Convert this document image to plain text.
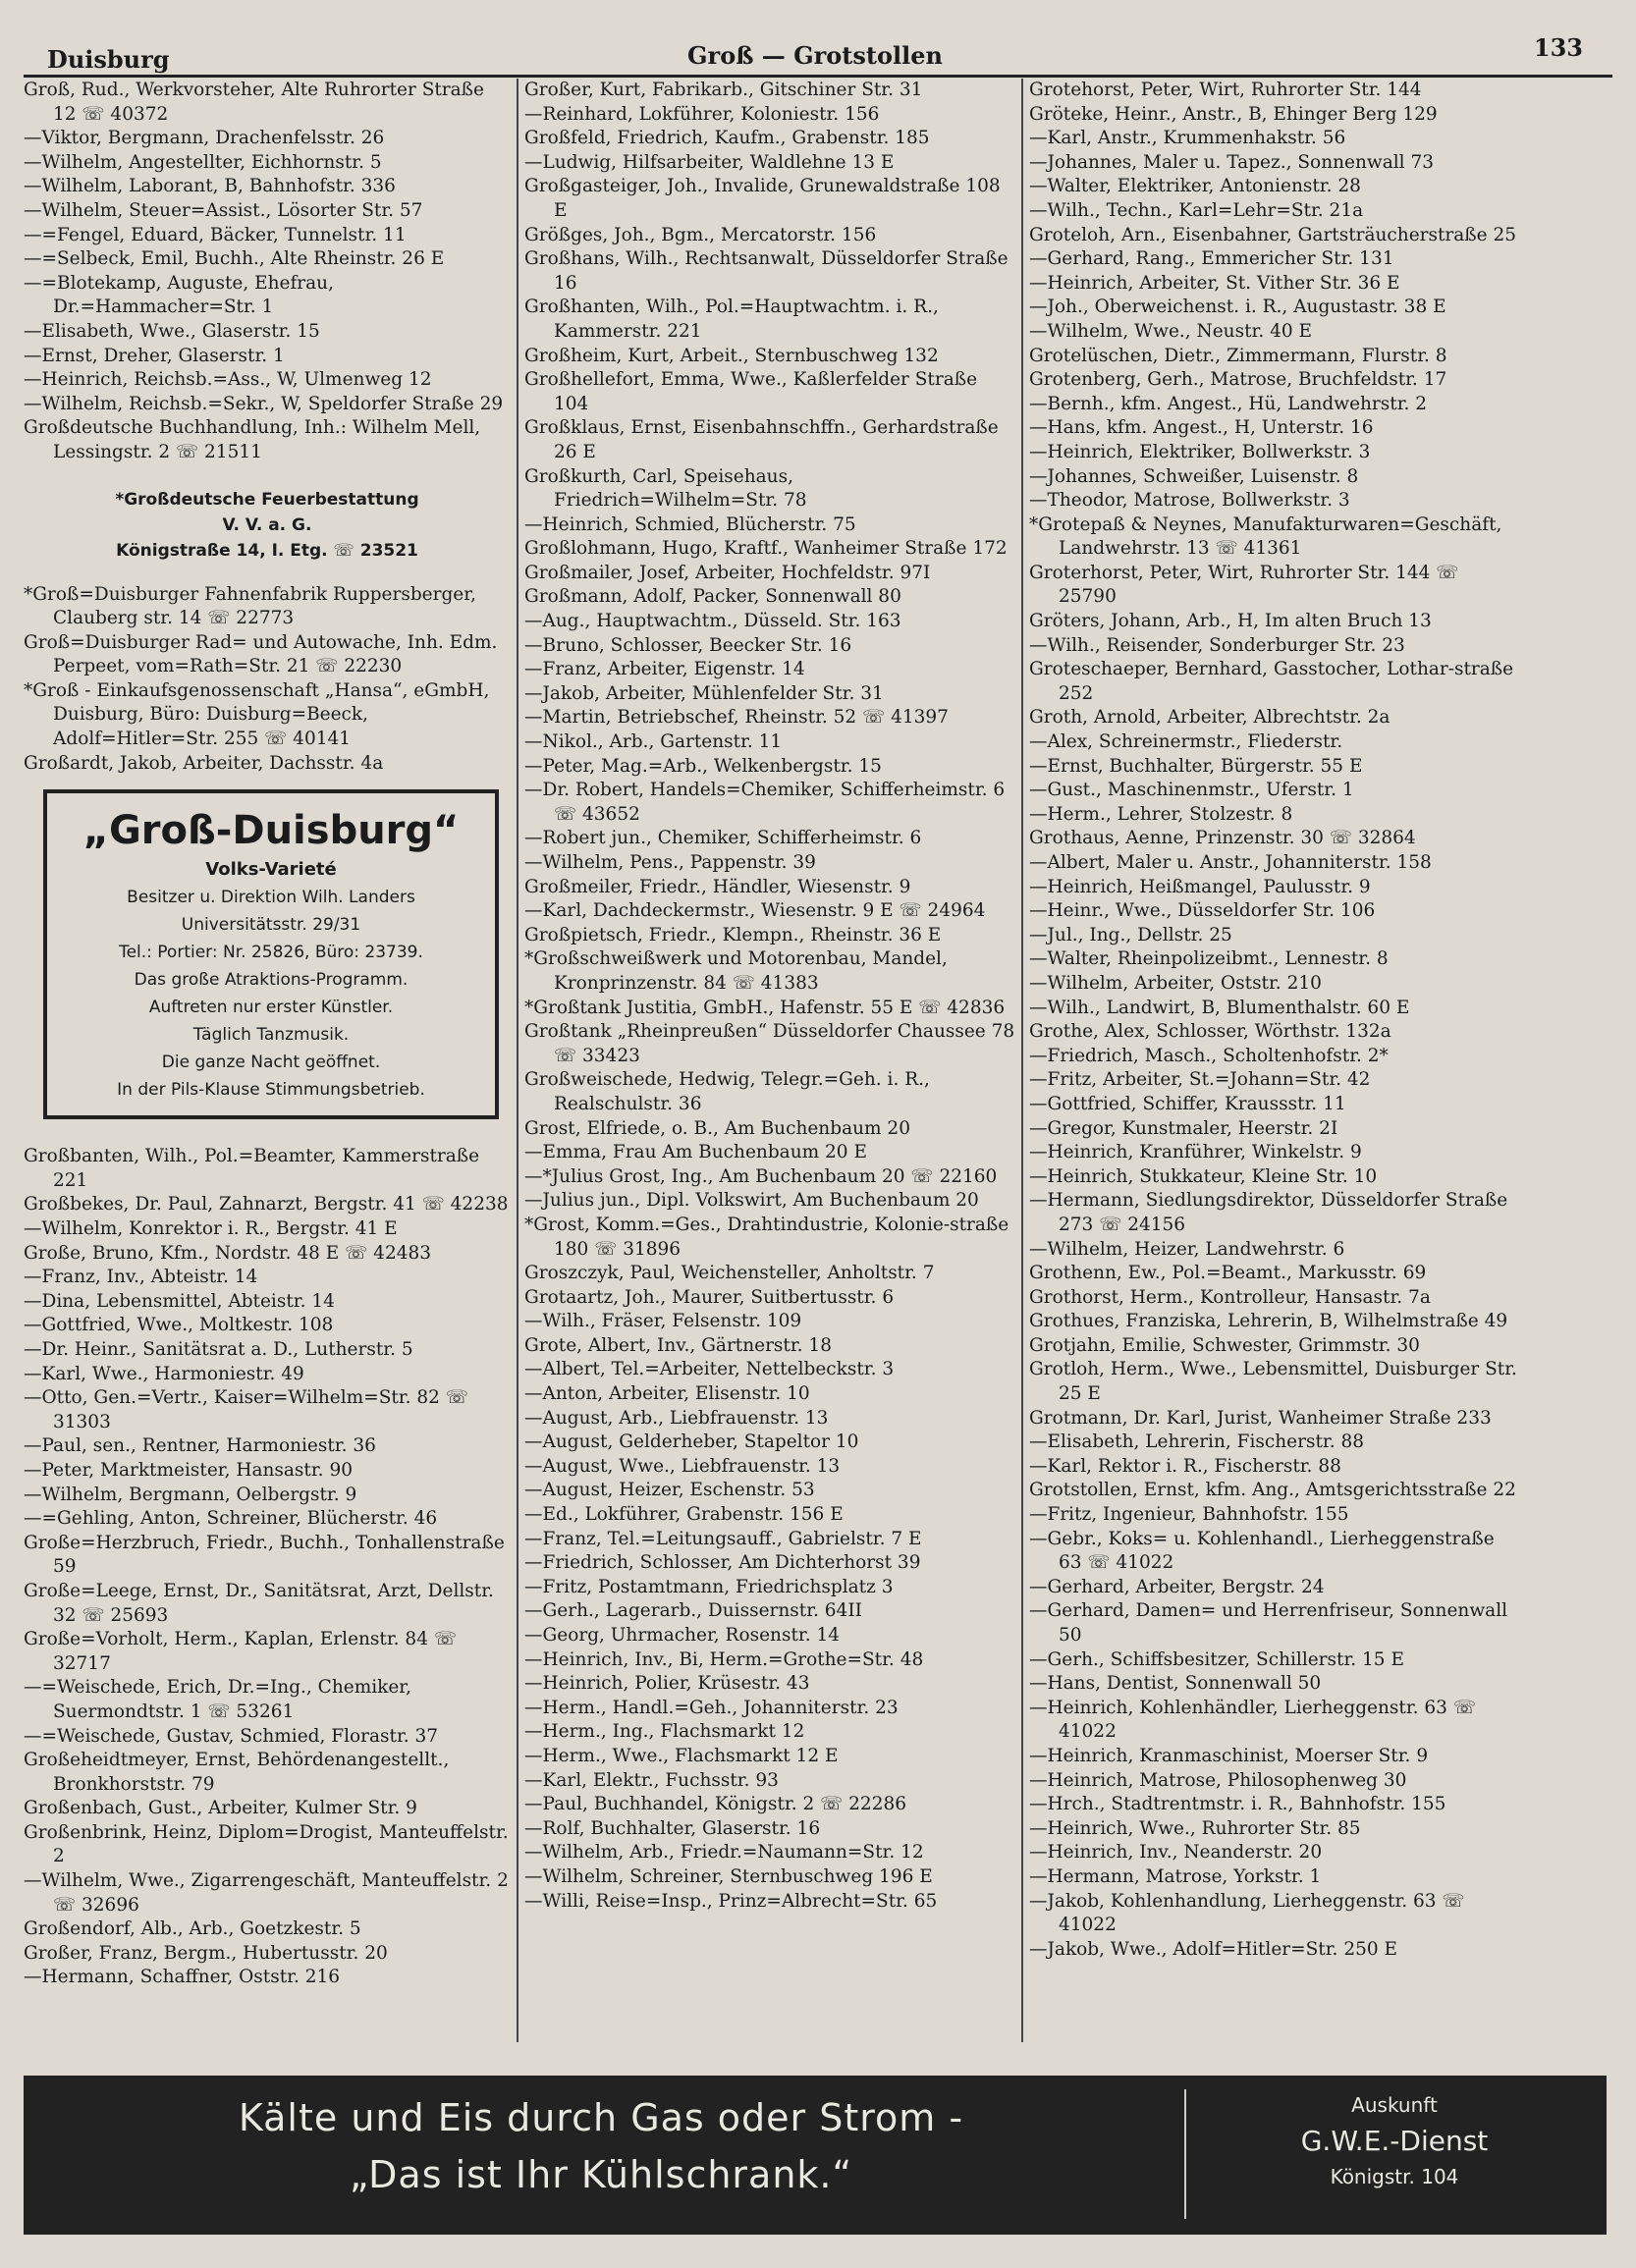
Duisburg	Groß — Grotstollen	133

Groß, Rud., Werkvorsteher, Alte Ruhrorter Straße 12 ☏ 40372

—Viktor, Bergmann, Drachenfelsstr. 26

—Wilhelm, Angestellter, Eichhornstr. 5

—Wilhelm, Laborant, B, Bahnhofstr. 336

—Wilhelm, Steuer=Assist., Lösorter Str. 57

—=Fengel, Eduard, Bäcker, Tunnelstr. 11

—=Selbeck, Emil, Buchh., Alte Rheinstr. 26 E

—=Blotekamp, Auguste, Ehefrau, Dr.=Hammacher=Str. 1

—Elisabeth, Wwe., Glaserstr. 15

—Ernst, Dreher, Glaserstr. 1

—Heinrich, Reichsb.=Ass., W, Ulmenweg 12

—Wilhelm, Reichsb.=Sekr., W, Speldorfer Straße 29

Großdeutsche Buchhandlung, Inh.: Wilhelm Mell, Lessingstr. 2 ☏ 21511

*Großdeutsche Feuerbestattung
V. V. a. G.
Königstraße 14, I. Etg. ☏ 23521

*Groß=Duisburger Fahnenfabrik Ruppersberger, Clauberg str. 14 ☏ 22773

Groß=Duisburger Rad= und Autowache, Inh. Edm. Perpeet, vom=Rath=Str. 21 ☏ 22230

*Groß - Einkaufsgenossenschaft „Hansa“, eGmbH, Duisburg, Büro: Duisburg=Beeck, Adolf=Hitler=Str. 255 ☏ 40141

Großardt, Jakob, Arbeiter, Dachsstr. 4a

„Groß-Duisburg“
Volks-Varieté
Besitzer u. Direktion Wilh. Landers
Universitätsstr. 29/31
Tel.: Portier: Nr. 25826, Büro: 23739.
Das große Atraktions-Programm.
Auftreten nur erster Künstler.
Täglich Tanzmusik.
Die ganze Nacht geöffnet.
In der Pils-Klause Stimmungsbetrieb.

Großbanten, Wilh., Pol.=Beamter, Kammerstraße 221

Großbekes, Dr. Paul, Zahnarzt, Bergstr. 41 ☏ 42238

—Wilhelm, Konrektor i. R., Bergstr. 41 E

Große, Bruno, Kfm., Nordstr. 48 E ☏ 42483

—Franz, Inv., Abteistr. 14

—Dina, Lebensmittel, Abteistr. 14

—Gottfried, Wwe., Moltkestr. 108

—Dr. Heinr., Sanitätsrat a. D., Lutherstr. 5

—Karl, Wwe., Harmoniestr. 49

—Otto, Gen.=Vertr., Kaiser=Wilhelm=Str. 82 ☏ 31303

—Paul, sen., Rentner, Harmoniestr. 36

—Peter, Marktmeister, Hansastr. 90

—Wilhelm, Bergmann, Oelbergstr. 9

—=Gehling, Anton, Schreiner, Blücherstr. 46

Große=Herzbruch, Friedr., Buchh., Tonhallenstraße 59

Große=Leege, Ernst, Dr., Sanitätsrat, Arzt, Dellstr. 32 ☏ 25693

Große=Vorholt, Herm., Kaplan, Erlenstr. 84 ☏ 32717

—=Weischede, Erich, Dr.=Ing., Chemiker, Suermondtstr. 1 ☏ 53261

—=Weischede, Gustav, Schmied, Florastr. 37

Großeheidtmeyer, Ernst, Behördenangestellt., Bronkhorststr. 79

Großenbach, Gust., Arbeiter, Kulmer Str. 9

Großenbrink, Heinz, Diplom=Drogist, Manteuffelstr. 2

—Wilhelm, Wwe., Zigarrengeschäft, Manteuffelstr. 2 ☏ 32696

Großendorf, Alb., Arb., Goetzkestr. 5

Großer, Franz, Bergm., Hubertusstr. 20

—Hermann, Schaffner, Oststr. 216

Großer, Kurt, Fabrikarb., Gitschiner Str. 31

—Reinhard, Lokführer, Koloniestr. 156

Großfeld, Friedrich, Kaufm., Grabenstr. 185

—Ludwig, Hilfsarbeiter, Waldlehne 13 E

Großgasteiger, Joh., Invalide, Grunewaldstraße 108 E

Größges, Joh., Bgm., Mercatorstr. 156

Großhans, Wilh., Rechtsanwalt, Düsseldorfer Straße 16

Großhanten, Wilh., Pol.=Hauptwachtm. i. R., Kammerstr. 221

Großheim, Kurt, Arbeit., Sternbuschweg 132

Großhellefort, Emma, Wwe., Kaßlerfelder Straße 104

Großklaus, Ernst, Eisenbahnschffn., Gerhardstraße 26 E

Großkurth, Carl, Speisehaus, Friedrich=Wilhelm=Str. 78

—Heinrich, Schmied, Blücherstr. 75

Großlohmann, Hugo, Kraftf., Wanheimer Straße 172

Großmailer, Josef, Arbeiter, Hochfeldstr. 97I

Großmann, Adolf, Packer, Sonnenwall 80

—Aug., Hauptwachtm., Düsseld. Str. 163

—Bruno, Schlosser, Beecker Str. 16

—Franz, Arbeiter, Eigenstr. 14

—Jakob, Arbeiter, Mühlenfelder Str. 31

—Martin, Betriebschef, Rheinstr. 52 ☏ 41397

—Nikol., Arb., Gartenstr. 11

—Peter, Mag.=Arb., Welkenbergstr. 15

—Dr. Robert, Handels=Chemiker, Schifferheimstr. 6 ☏ 43652

—Robert jun., Chemiker, Schifferheimstr. 6

—Wilhelm, Pens., Pappenstr. 39

Großmeiler, Friedr., Händler, Wiesenstr. 9

—Karl, Dachdeckermstr., Wiesenstr. 9 E ☏ 24964

Großpietsch, Friedr., Klempn., Rheinstr. 36 E

*Großschweißwerk und Motorenbau, Mandel, Kronprinzenstr. 84 ☏ 41383

*Großtank Justitia, GmbH., Hafenstr. 55 E ☏ 42836

Großtank „Rheinpreußen“ Düsseldorfer Chaussee 78 ☏ 33423

Großweischede, Hedwig, Telegr.=Geh. i. R., Realschulstr. 36

Grost, Elfriede, o. B., Am Buchenbaum 20

—Emma, Frau Am Buchenbaum 20 E

—*Julius Grost, Ing., Am Buchenbaum 20 ☏ 22160

—Julius jun., Dipl. Volkswirt, Am Buchenbaum 20

*Grost, Komm.=Ges., Drahtindustrie, Kolonie-straße 180 ☏ 31896

Groszczyk, Paul, Weichensteller, Anholtstr. 7

Grotaartz, Joh., Maurer, Suitbertusstr. 6

—Wilh., Fräser, Felsenstr. 109

Grote, Albert, Inv., Gärtnerstr. 18

—Albert, Tel.=Arbeiter, Nettelbeckstr. 3

—Anton, Arbeiter, Elisenstr. 10

—August, Arb., Liebfrauenstr. 13

—August, Gelderheber, Stapeltor 10

—August, Wwe., Liebfrauenstr. 13

—August, Heizer, Eschenstr. 53

—Ed., Lokführer, Grabenstr. 156 E

—Franz, Tel.=Leitungsauff., Gabrielstr. 7 E

—Friedrich, Schlosser, Am Dichterhorst 39

—Fritz, Postamtmann, Friedrichsplatz 3

—Gerh., Lagerarb., Duissernstr. 64II

—Georg, Uhrmacher, Rosenstr. 14

—Heinrich, Inv., Bi, Herm.=Grothe=Str. 48

—Heinrich, Polier, Krüsestr. 43

—Herm., Handl.=Geh., Johanniterstr. 23

—Herm., Ing., Flachsmarkt 12

—Herm., Wwe., Flachsmarkt 12 E

—Karl, Elektr., Fuchsstr. 93

—Paul, Buchhandel, Königstr. 2 ☏ 22286

—Rolf, Buchhalter, Glaserstr. 16

—Wilhelm, Arb., Friedr.=Naumann=Str. 12

—Wilhelm, Schreiner, Sternbuschweg 196 E

—Willi, Reise=Insp., Prinz=Albrecht=Str. 65

Grotehorst, Peter, Wirt, Ruhrorter Str. 144

Gröteke, Heinr., Anstr., B, Ehinger Berg 129

—Karl, Anstr., Krummenhakstr. 56

—Johannes, Maler u. Tapez., Sonnenwall 73

—Walter, Elektriker, Antonienstr. 28

—Wilh., Techn., Karl=Lehr=Str. 21a

Groteloh, Arn., Eisenbahner, Gartsträucherstraße 25

—Gerhard, Rang., Emmericher Str. 131

—Heinrich, Arbeiter, St. Vither Str. 36 E

—Joh., Oberweichenst. i. R., Augustastr. 38 E

—Wilhelm, Wwe., Neustr. 40 E

Grotelüschen, Dietr., Zimmermann, Flurstr. 8

Grotenberg, Gerh., Matrose, Bruchfeldstr. 17

—Bernh., kfm. Angest., Hü, Landwehrstr. 2

—Hans, kfm. Angest., H, Unterstr. 16

—Heinrich, Elektriker, Bollwerkstr. 3

—Johannes, Schweißer, Luisenstr. 8

—Theodor, Matrose, Bollwerkstr. 3

*Grotepaß & Neynes, Manufakturwaren=Geschäft, Landwehrstr. 13 ☏ 41361

Groterhorst, Peter, Wirt, Ruhrorter Str. 144 ☏ 25790

Gröters, Johann, Arb., H, Im alten Bruch 13

—Wilh., Reisender, Sonderburger Str. 23

Groteschaeper, Bernhard, Gasstocher, Lothar-straße 252

Groth, Arnold, Arbeiter, Albrechtstr. 2a

—Alex, Schreinermstr., Fliederstr.

—Ernst, Buchhalter, Bürgerstr. 55 E

—Gust., Maschinenmstr., Uferstr. 1

—Herm., Lehrer, Stolzestr. 8

Grothaus, Aenne, Prinzenstr. 30 ☏ 32864

—Albert, Maler u. Anstr., Johanniterstr. 158

—Heinrich, Heißmangel, Paulusstr. 9

—Heinr., Wwe., Düsseldorfer Str. 106

—Jul., Ing., Dellstr. 25

—Walter, Rheinpolizeibmt., Lennestr. 8

—Wilhelm, Arbeiter, Oststr. 210

—Wilh., Landwirt, B, Blumenthalstr. 60 E

Grothe, Alex, Schlosser, Wörthstr. 132a

—Friedrich, Masch., Scholtenhofstr. 2*

—Fritz, Arbeiter, St.=Johann=Str. 42

—Gottfried, Schiffer, Kraussstr. 11

—Gregor, Kunstmaler, Heerstr. 2I

—Heinrich, Kranführer, Winkelstr. 9

—Heinrich, Stukkateur, Kleine Str. 10

—Hermann, Siedlungsdirektor, Düsseldorfer Straße 273 ☏ 24156

—Wilhelm, Heizer, Landwehrstr. 6

Grothenn, Ew., Pol.=Beamt., Markusstr. 69

Grothorst, Herm., Kontrolleur, Hansastr. 7a

Grothues, Franziska, Lehrerin, B, Wilhelmstraße 49

Grotjahn, Emilie, Schwester, Grimmstr. 30

Grotloh, Herm., Wwe., Lebensmittel, Duisburger Str. 25 E

Grotmann, Dr. Karl, Jurist, Wanheimer Straße 233

—Elisabeth, Lehrerin, Fischerstr. 88

—Karl, Rektor i. R., Fischerstr. 88

Grotstollen, Ernst, kfm. Ang., Amtsgerichtsstraße 22

—Fritz, Ingenieur, Bahnhofstr. 155

—Gebr., Koks= u. Kohlenhandl., Lierheggenstraße 63 ☏ 41022

—Gerhard, Arbeiter, Bergstr. 24

—Gerhard, Damen= und Herrenfriseur, Sonnenwall 50

—Gerh., Schiffsbesitzer, Schillerstr. 15 E

—Hans, Dentist, Sonnenwall 50

—Heinrich, Kohlenhändler, Lierheggenstr. 63 ☏ 41022

—Heinrich, Kranmaschinist, Moerser Str. 9

—Heinrich, Matrose, Philosophenweg 30

—Hrch., Stadtrentmstr. i. R., Bahnhofstr. 155

—Heinrich, Wwe., Ruhrorter Str. 85

—Heinrich, Inv., Neanderstr. 20

—Hermann, Matrose, Yorkstr. 1

—Jakob, Kohlenhandlung, Lierheggenstr. 63 ☏ 41022

—Jakob, Wwe., Adolf=Hitler=Str. 250 E

Kälte und Eis durch Gas oder Strom -
„Das ist Ihr Kühlschrank.“
Auskunft
G.W.E.-Dienst
Königstr. 104
